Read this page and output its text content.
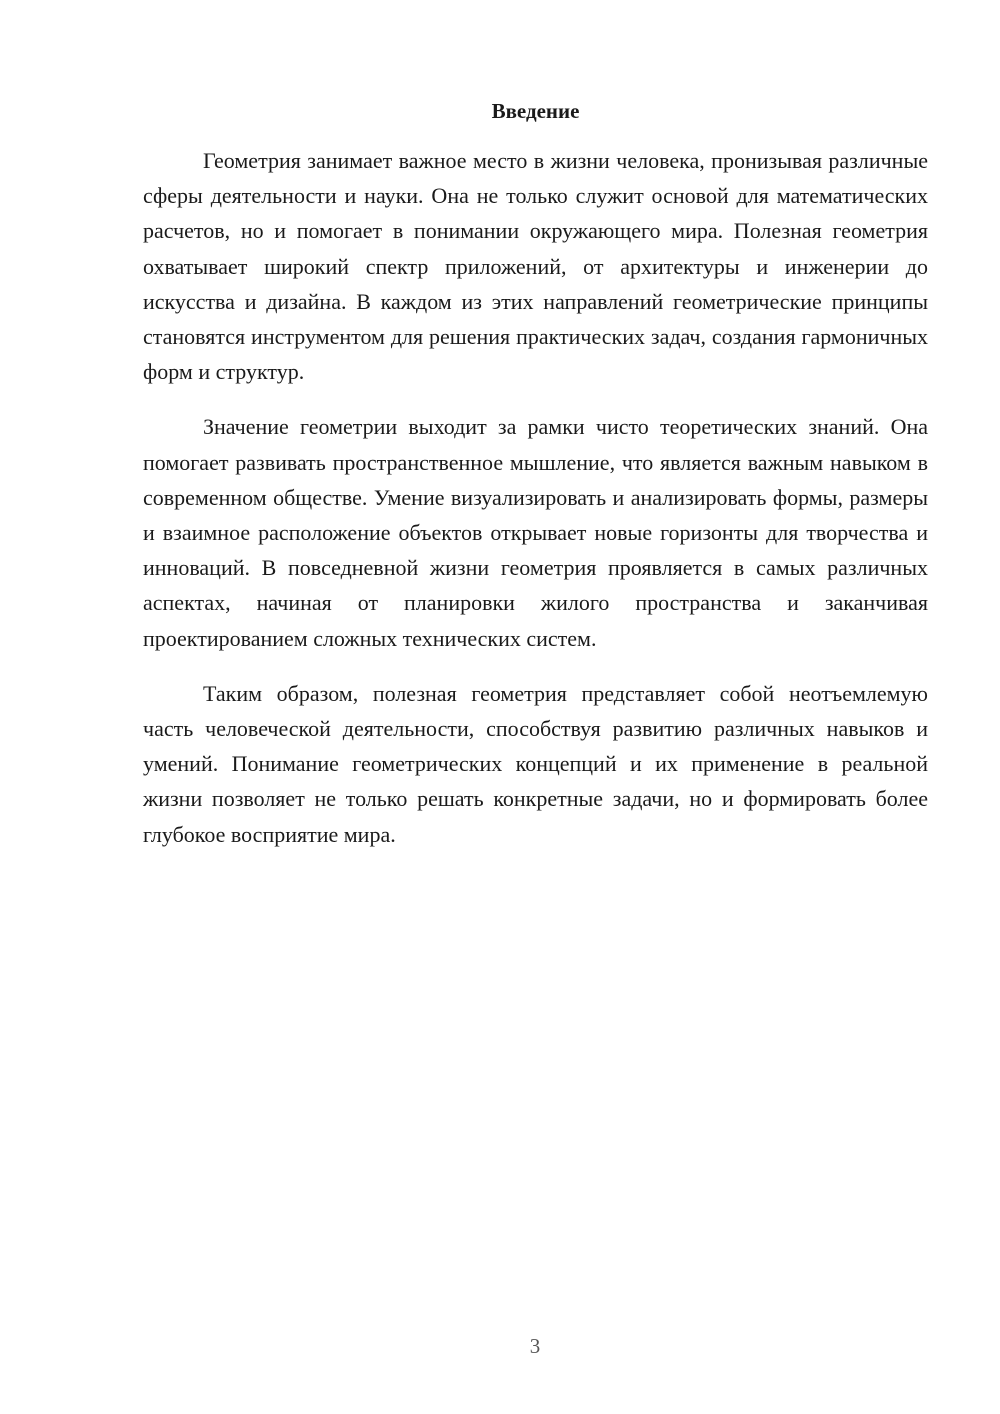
Введение

Геометрия занимает важное место в жизни человека, пронизывая различные сферы деятельности и науки. Она не только служит основой для математических расчетов, но и помогает в понимании окружающего мира. Полезная геометрия охватывает широкий спектр приложений, от архитектуры и инженерии до искусства и дизайна. В каждом из этих направлений геометрические принципы становятся инструментом для решения практических задач, создания гармоничных форм и структур.

Значение геометрии выходит за рамки чисто теоретических знаний. Она помогает развивать пространственное мышление, что является важным навыком в современном обществе. Умение визуализировать и анализировать формы, размеры и взаимное расположение объектов открывает новые горизонты для творчества и инноваций. В повседневной жизни геометрия проявляется в самых различных аспектах, начиная от планировки жилого пространства и заканчивая проектированием сложных технических систем.

Таким образом, полезная геометрия представляет собой неотъемлемую часть человеческой деятельности, способствуя развитию различных навыков и умений. Понимание геометрических концепций и их применение в реальной жизни позволяет не только решать конкретные задачи, но и формировать более глубокое восприятие мира.

3
